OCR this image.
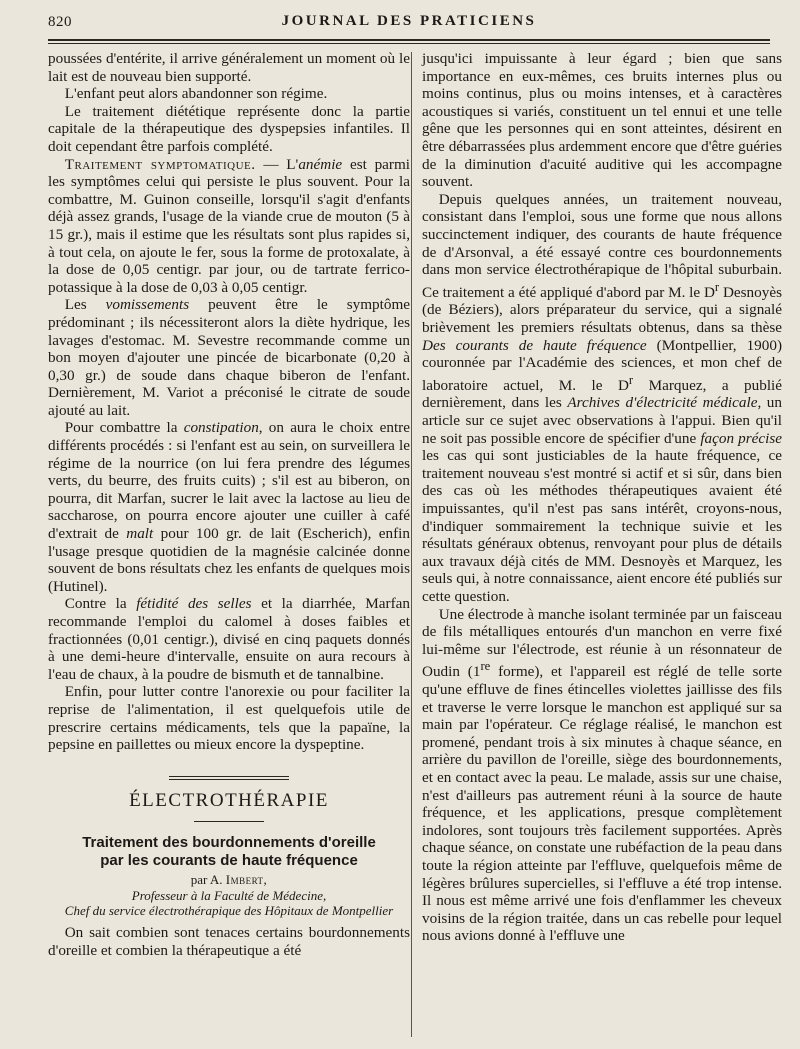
820	JOURNAL DES PRATICIENS

poussées d'entérite, il arrive généralement un moment où le lait est de nouveau bien supporté.

L'enfant peut alors abandonner son régime.

Le traitement diététique représente donc la partie capitale de la thérapeutique des dyspepsies infantiles. Il doit cependant être parfois complété.

Traitement symptomatique. — L'anémie est parmi les symptômes celui qui persiste le plus souvent. Pour la combattre, M. Guinon conseille, lorsqu'il s'agit d'enfants déjà assez grands, l'usage de la viande crue de mouton (5 à 15 gr.), mais il estime que les résultats sont plus rapides si, à tout cela, on ajoute le fer, sous la forme de protoxalate, à la dose de 0,05 centigr. par jour, ou de tartrate ferrico-potassique à la dose de 0,03 à 0,05 centigr.

Les vomissements peuvent être le symptôme prédominant ; ils nécessiteront alors la diète hydrique, les lavages d'estomac. M. Sevestre recommande comme un bon moyen d'ajouter une pincée de bicarbonate (0,20 à 0,30 gr.) de soude dans chaque biberon de l'enfant. Dernièrement, M. Variot a préconisé le citrate de soude ajouté au lait.

Pour combattre la constipation, on aura le choix entre différents procédés : si l'enfant est au sein, on surveillera le régime de la nourrice (on lui fera prendre des légumes verts, du beurre, des fruits cuits) ; s'il est au biberon, on pourra, dit Marfan, sucrer le lait avec la lactose au lieu de saccharose, on pourra encore ajouter une cuiller à café d'extrait de malt pour 100 gr. de lait (Escherich), enfin l'usage presque quotidien de la magnésie calcinée donne souvent de bons résultats chez les enfants de quelques mois (Hutinel).

Contre la fétidité des selles et la diarrhée, Marfan recommande l'emploi du calomel à doses faibles et fractionnées (0,01 centigr.), divisé en cinq paquets donnés à une demi-heure d'intervalle, ensuite on aura recours à l'eau de chaux, à la poudre de bismuth et de tannalbine.

Enfin, pour lutter contre l'anorexie ou pour faciliter la reprise de l'alimentation, il est quelquefois utile de prescrire certains médicaments, tels que la papaïne, la pepsine en paillettes ou mieux encore la dyspeptine.

ÉLECTROTHÉRAPIE
Traitement des bourdonnements d'oreille
par les courants de haute fréquence
par A. Imbert,
Professeur à la Faculté de Médecine,
Chef du service électrothérapique des Hôpitaux de Montpellier

On sait combien sont tenaces certains bourdonnements d'oreille et combien la thérapeutique a été

jusqu'ici impuissante à leur égard ; bien que sans importance en eux-mêmes, ces bruits internes plus ou moins continus, plus ou moins intenses, et à caractères acoustiques si variés, constituent un tel ennui et une telle gêne que les personnes qui en sont atteintes, désirent en être débarrassées plus ardemment encore que d'être guéries de la diminution d'acuité auditive qui les accompagne souvent.

Depuis quelques années, un traitement nouveau, consistant dans l'emploi, sous une forme que nous allons succinctement indiquer, des courants de haute fréquence de d'Arsonval, a été essayé contre ces bourdonnements dans mon service électrothérapique de l'hôpital suburbain. Ce traitement a été appliqué d'abord par M. le $D^r$ Desnoyès (de Béziers), alors préparateur du service, qui a signalé brièvement les premiers résultats obtenus, dans sa thèse Des courants de haute fréquence (Montpellier, 1900) couronnée par l'Académie des sciences, et mon chef de laboratoire actuel, M. le $D^r$ Marquez, a publié dernièrement, dans les Archives d'électricité médicale, un article sur ce sujet avec observations à l'appui. Bien qu'il ne soit pas possible encore de spécifier d'une façon précise les cas qui sont justiciables de la haute fréquence, ce traitement nouveau s'est montré si actif et si sûr, dans bien des cas où les méthodes thérapeutiques avaient été impuissantes, qu'il n'est pas sans intérêt, croyons-nous, d'indiquer sommairement la technique suivie et les résultats généraux obtenus, renvoyant pour plus de détails aux travaux déjà cités de MM. Desnoyès et Marquez, les seuls qui, à notre connaissance, aient encore été publiés sur cette question.

Une électrode à manche isolant terminée par un faisceau de fils métalliques entourés d'un manchon en verre fixé lui-même sur l'électrode, est réunie à un résonnateur de Oudin (1re forme), et l'appareil est réglé de telle sorte qu'une effluve de fines étincelles violettes jaillisse des fils et traverse le verre lorsque le manchon est appliqué sur sa main par l'opérateur. Ce réglage réalisé, le manchon est promené, pendant trois à six minutes à chaque séance, en arrière du pavillon de l'oreille, siège des bourdonnements, et en contact avec la peau. Le malade, assis sur une chaise, n'est d'ailleurs pas autrement réuni à la source de haute fréquence, et les applications, presque complètement indolores, sont toujours très facilement supportées. Après chaque séance, on constate une rubéfaction de la peau dans toute la région atteinte par l'effluve, quelquefois même de légères brûlures supercielles, si l'effluve a été trop intense. Il nous est même arrivé une fois d'enflammer les cheveux voisins de la région traitée, dans un cas rebelle pour lequel nous avions donné à l'effluve une
